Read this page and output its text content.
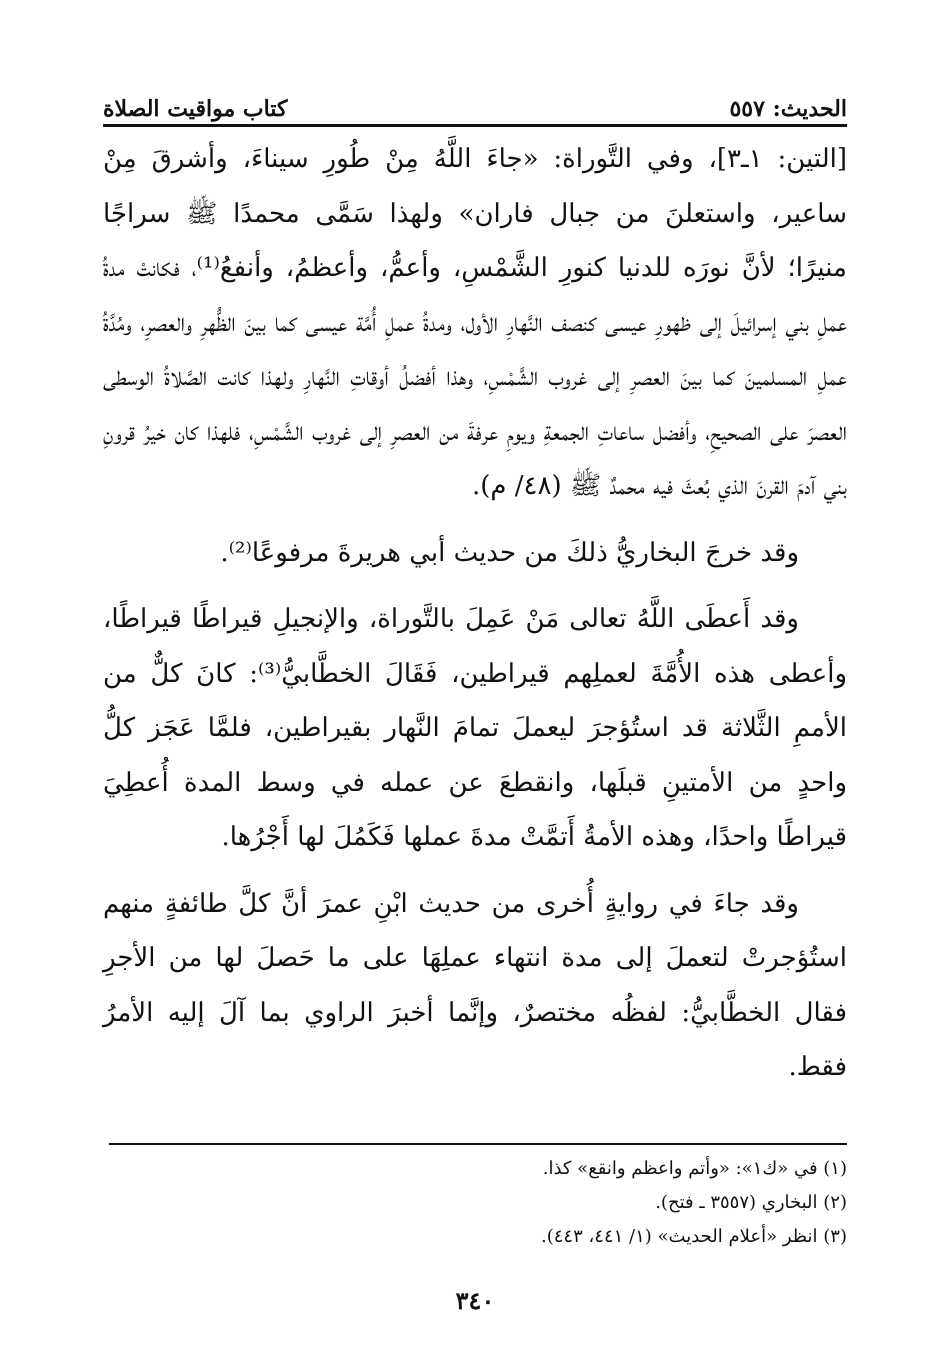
الحديث: ٥٥٧
كتاب مواقيت الصلاة

[التين: ١ـ٣]، وفي التَّوراة: «جاءَ اللَّهُ مِنْ طُورِ سيناءَ، وأشرقَ مِنْ ساعير، واستعلنَ من جبال فاران» ولهذا سَمَّى محمدًا ﷺ سراجًا منيرًا؛ لأنَّ نورَه للدنيا كنورِ الشَّمْسِ، وأعمُّ، وأعظمُ، وأنفعُ⁽¹⁾، فكانتْ مدةُ عملِ بني إسرائيلَ إلى ظهورِ عيسى كنصف النَّهارِ الأول، ومدةُ عملِ أُمَّة عيسى كما بينَ الظُّهرِ والعصرِ، ومُدَّةُ عملِ المسلمينَ كما بينَ العصرِ إلى غروب الشَّمْسِ، وهذا أفضلُ أوقاتِ النَّهارِ ولهذا كانت الصَّلاةُ الوسطى العصرَ على الصحيحِ، وأفضل ساعاتِ الجمعةِ ويومِ عرفةَ من العصرِ إلى غروب الشَّمْسِ، فلهذا كان خيرُ قرونِ بني آدمَ القرنَ الذي بُعثَ فيه محمدٌ ﷺ (٤٨/ م).

وقد خرجَ البخاريُّ ذلكَ من حديث أبي هريرةَ مرفوعًا⁽²⁾.

وقد أَعطَى اللَّهُ تعالى مَنْ عَمِلَ بالتَّوراة، والإنجيلِ قيراطًا قيراطًا، وأعطى هذه الأُمَّةَ لعملِهم قيراطين، فَقَالَ الخطَّابيُّ⁽³⁾: كانَ كلٌّ من الأممِ الثَّلاثة قد استُؤجرَ ليعملَ تمامَ النَّهار بقيراطين، فلمَّا عَجَز كلُّ واحدٍ من الأمتينِ قبلَها، وانقطعَ عن عمله في وسط المدة أُعطِيَ قيراطًا واحدًا، وهذه الأمةُ أَتمَّتْ مدةَ عملها فَكَمُلَ لها أَجْرُها.

وقد جاءَ في روايةٍ أُخرى من حديث ابْنِ عمرَ أنَّ كلَّ طائفةٍ منهم استُؤجرتْ لتعملَ إلى مدة انتهاء عملِهَا على ما حَصلَ لها من الأجرِ فقال الخطَّابيُّ: لفظُه مختصرٌ، وإنَّما أخبرَ الراوي بما آلَ إليه الأمرُ فقط.

(١) في «ك١»: «وأتم واعظم وانقع» كذا.
(٢) البخاري (٣٥٥٧ ـ فتح).
(٣) انظر «أعلام الحديث» (١/ ٤٤١، ٤٤٣).
٣٤٠
